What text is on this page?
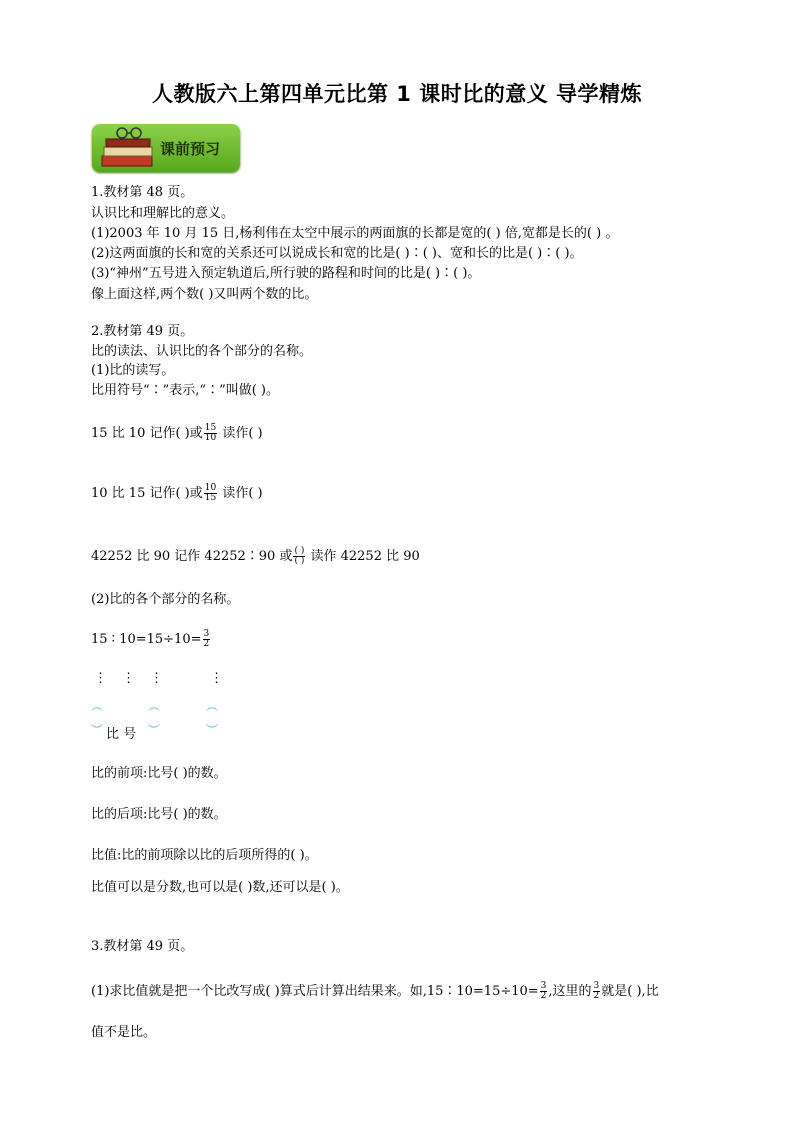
人教版六上第四单元比第 1 课时比的意义 导学精炼
课前预习
1.教材第 48 页。
认识比和理解比的意义。
(1)2003 年 10 月 15 日,杨利伟在太空中展示的两面旗的长都是宽的( ) 倍,宽都是长的( ) 。
(2)这两面旗的长和宽的关系还可以说成长和宽的比是( )∶( )、宽和长的比是( )∶( )。
(3)“神州”五号进入预定轨道后,所行驶的路程和时间的比是( )∶( )。
像上面这样,两个数( )又叫两个数的比。
2.教材第 49 页。
比的读法、认识比的各个部分的名称。
(1)比的读写。
比用符号“∶”表示,“∶”叫做( )。
15 比 10 记作( )或 $\frac{15}{10}$ 读作( )
10 比 15 记作( )或 $\frac{10}{15}$ 读作( )
42252 比 90 记作 42252∶90 或 $\frac{( )}{( )}$ 读作 42252 比 90
(2)比的各个部分的名称。
15 ∶ $10=15\div 10= \frac{3}{2}$
⋮ ⋮ ⋮	⋮
︵	︵	︵
︶	︶	︶
比 号
比的前项:比号( )的数。
比的后项:比号( )的数。
比值:比的前项除以比的后项所得的( )。
比值可以是分数,也可以是( )数,还可以是( )。
3.教材第 49 页。
(1)求比值就是把一个比改写成( )算式后计算出结果来。如,15∶10=15÷10= $\frac{3}{2}$ ,这里的 $\frac{3}{2}$ 就是( ),比
值不是比。
